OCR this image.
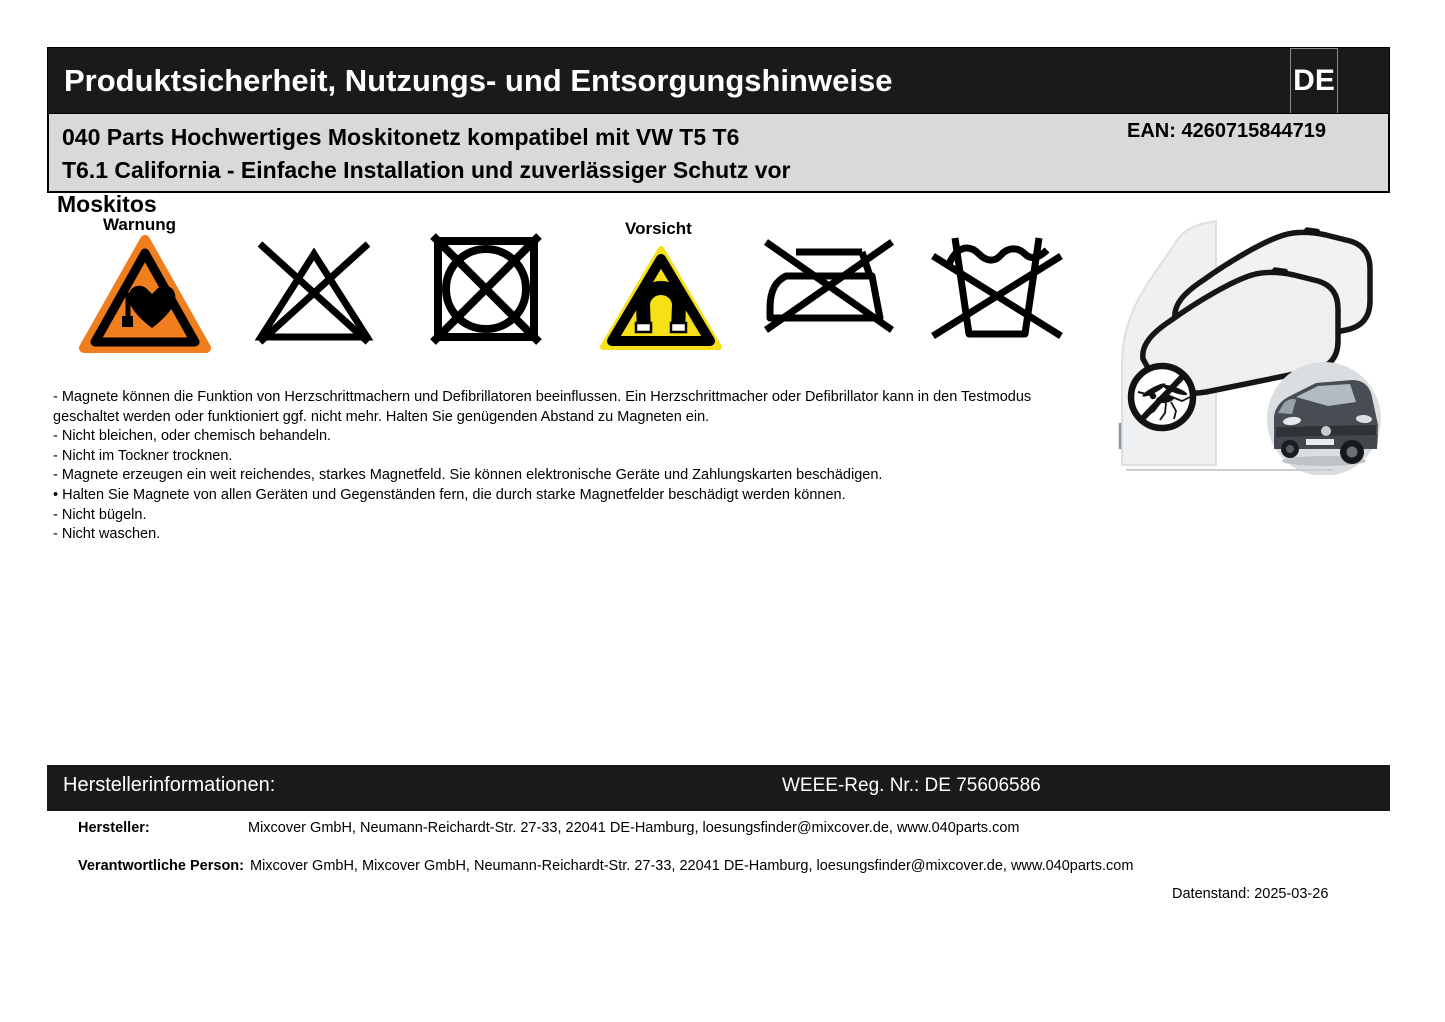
Produktsicherheit, Nutzungs- und Entsorgungshinweise	DE
040 Parts Hochwertiges Moskitonetz kompatibel mit VW T5 T6
T6.1 California - Einfache Installation und zuverlässiger Schutz vor
EAN: 4260715844719
Moskitos
Warnung	Vorsicht
- Magnete können die Funktion von Herzschrittmachern und Defibrillatoren beeinflussen. Ein Herzschrittmacher oder Defibrillator kann in den Testmodus
geschaltet werden oder funktioniert ggf. nicht mehr. Halten Sie genügenden Abstand zu Magneten ein.
- Nicht bleichen, oder chemisch behandeln.
- Nicht im Tockner trocknen.
- Magnete erzeugen ein weit reichendes, starkes Magnetfeld. Sie können elektronische Geräte und Zahlungskarten beschädigen.
• Halten Sie Magnete von allen Geräten und Gegenständen fern, die durch starke Magnetfelder beschädigt werden können.
- Nicht bügeln.
- Nicht waschen.
Herstellerinformationen:	WEEE-Reg. Nr.: DE 75606586
Hersteller:	Mixcover GmbH, Neumann-Reichardt-Str. 27-33, 22041 DE-Hamburg, loesungsfinder@mixcover.de, www.040parts.com
Verantwortliche Person: Mixcover GmbH, Mixcover GmbH, Neumann-Reichardt-Str. 27-33, 22041 DE-Hamburg, loesungsfinder@mixcover.de, www.040parts.com
Datenstand: 2025-03-26
